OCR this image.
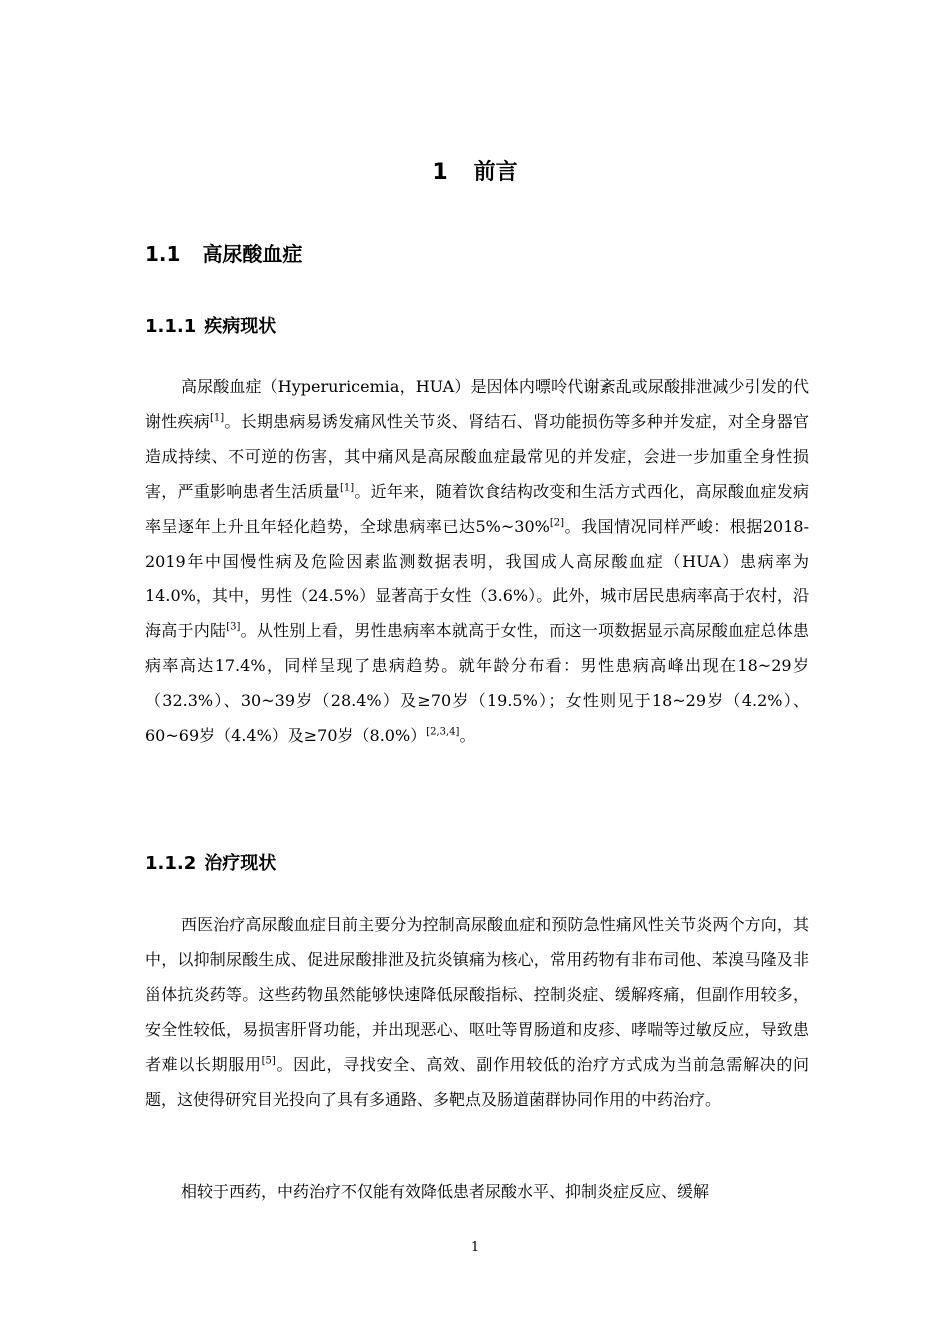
1 前言
1.1 高尿酸血症
1.1.1 疾病现状

高尿酸血症（Hyperuricemia，HUA）是因体内嘌呤代谢紊乱或尿酸排泄减少引发的代谢性疾病[1]。长期患病易诱发痛风性关节炎、肾结石、肾功能损伤等多种并发症，对全身器官造成持续、不可逆的伤害，其中痛风是高尿酸血症最常见的并发症，会进一步加重全身性损害，严重影响患者生活质量[1]。近年来，随着饮食结构改变和生活方式西化，高尿酸血症发病率呈逐年上升且年轻化趋势，全球患病率已达5%~30%[2]。我国情况同样严峻：根据2018-2019年中国慢性病及危险因素监测数据表明，我国成人高尿酸血症（HUA）患病率为14.0%，其中，男性（24.5%）显著高于女性（3.6%）。此外，城市居民患病率高于农村，沿海高于内陆[3]。从性别上看，男性患病率本就高于女性，而这一项数据显示高尿酸血症总体患病率高达17.4%，同样呈现了患病趋势。就年龄分布看：男性患病高峰出现在18~29岁（32.3%）、30~39岁（28.4%）及≥70岁（19.5%）；女性则见于18~29岁（4.2%）、60~69岁（4.4%）及≥70岁（8.0%）[2,3,4]。

1.1.2 治疗现状

西医治疗高尿酸血症目前主要分为控制高尿酸血症和预防急性痛风性关节炎两个方向，其中，以抑制尿酸生成、促进尿酸排泄及抗炎镇痛为核心，常用药物有非布司他、苯溴马隆及非甾体抗炎药等。这些药物虽然能够快速降低尿酸指标、控制炎症、缓解疼痛，但副作用较多，安全性较低，易损害肝肾功能，并出现恶心、呕吐等胃肠道和皮疹、哮喘等过敏反应，导致患者难以长期服用[5]。因此，寻找安全、高效、副作用较低的治疗方式成为当前急需解决的问题，这使得研究目光投向了具有多通路、多靶点及肠道菌群协同作用的中药治疗。

相较于西药，中药治疗不仅能有效降低患者尿酸水平、抑制炎症反应、缓解

1
